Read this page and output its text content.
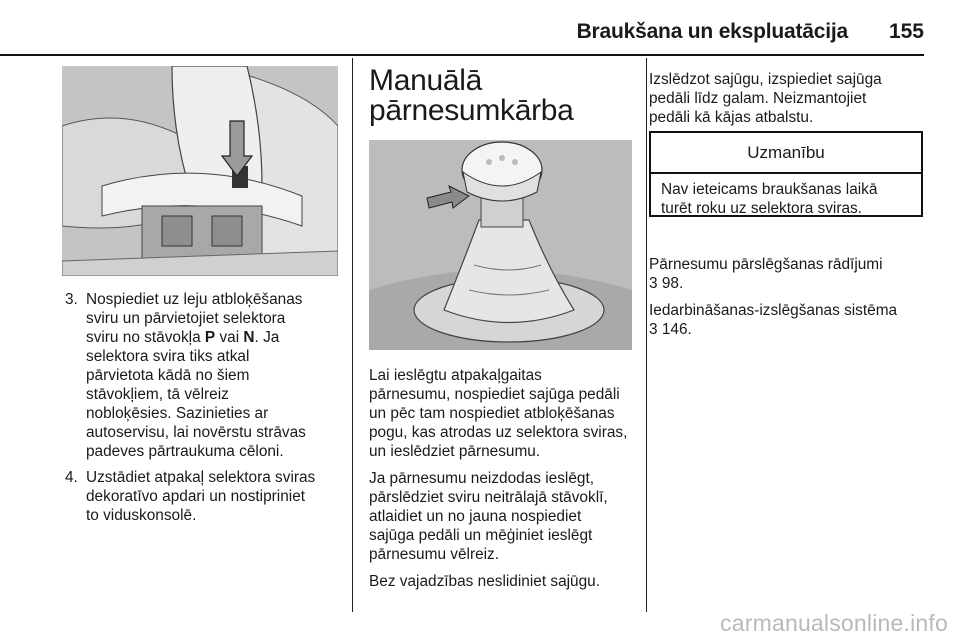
Braukšana un ekspluatācija 155
3. Nospiediet uz leju atbloķēšanas
sviru un pārvietojiet selektora
sviru no stāvokļa P vai N. Ja
selektora svira tiks atkal
pārvietota kādā no šiem
stāvokļiem, tā vēlreiz
nobloķēsies. Sazinieties ar
autoservisu, lai novērstu strāvas
padeves pārtraukuma cēloni.
4. Uzstādiet atpakaļ selektora sviras
dekoratīvo apdari un nostipriniet
to viduskonsolē.
Manuālā
pārnesumkārba

Lai ieslēgtu atpakaļgaitas
pārnesumu, nospiediet sajūga pedāli
un pēc tam nospiediet atbloķēšanas
pogu, kas atrodas uz selektora sviras,
un ieslēdziet pārnesumu.

Ja pārnesumu neizdodas ieslēgt,
pārslēdziet sviru neitrālajā stāvoklī,
atlaidiet un no jauna nospiediet
sajūga pedāli un mēģiniet ieslēgt
pārnesumu vēlreiz.

Bez vajadzības neslidiniet sajūgu.

Izslēdzot sajūgu, izspiediet sajūga
pedāli līdz galam. Neizmantojiet
pedāli kā kājas atbalstu.
Uzmanību
Nav ieteicams braukšanas laikā
turēt roku uz selektora sviras.

Pārnesumu pārslēgšanas rādījumi
3 98.

Iedarbināšanas-izslēgšanas sistēma
3 146.

carmanualsonline.info
